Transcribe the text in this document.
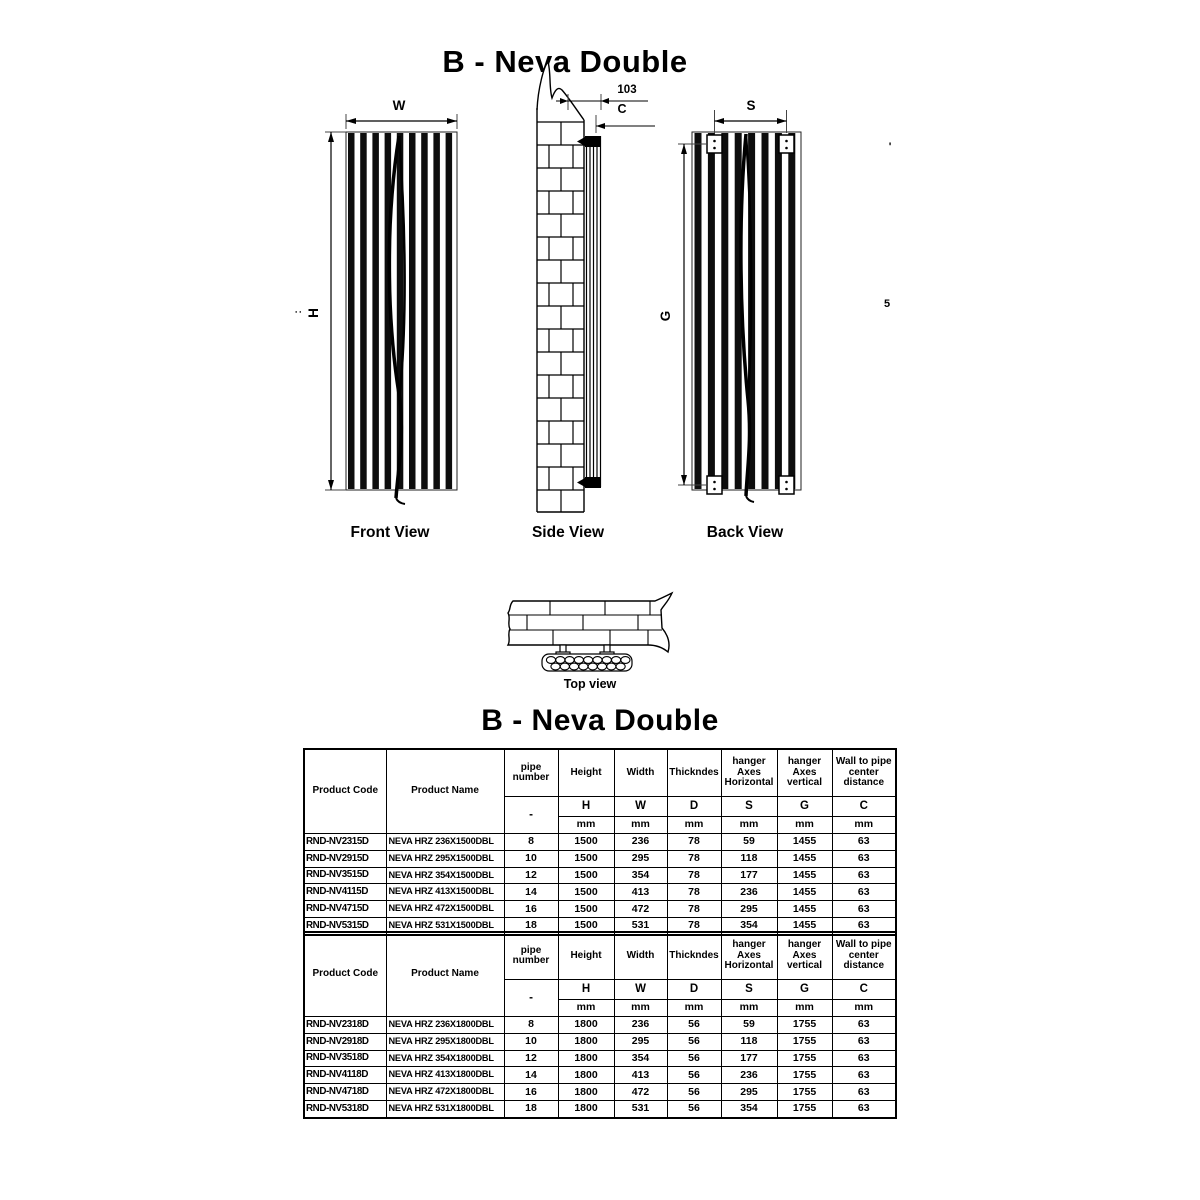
B - Neva Double
W
H
:
103
C	S
G
'
5
Front View	Side View	Back View
Top view
B - Neva Double
Product Code	Product Name	pipe number	Height	Width	Thickndes	hanger Axes Horizontal	hanger Axes vertical	Wall to pipe center distance
		-	H	W	D	S	G	C
			mm	mm	mm	mm	mm	mm
RND-NV2315D	NEVA HRZ 236X1500DBL	8	1500	236	78	59	1455	63
RND-NV2915D	NEVA HRZ 295X1500DBL	10	1500	295	78	118	1455	63
RND-NV3515D	NEVA HRZ 354X1500DBL	12	1500	354	78	177	1455	63
RND-NV4115D	NEVA HRZ 413X1500DBL	14	1500	413	78	236	1455	63
RND-NV4715D	NEVA HRZ 472X1500DBL	16	1500	472	78	295	1455	63
RND-NV5315D	NEVA HRZ 531X1500DBL	18	1500	531	78	354	1455	63
Product Code	Product Name	pipe number	Height	Width	Thickndes	hanger Axes Horizontal	hanger Axes vertical	Wall to pipe center distance
		-	H	W	D	S	G	C
			mm	mm	mm	mm	mm	mm
RND-NV2318D	NEVA HRZ 236X1800DBL	8	1800	236	56	59	1755	63
RND-NV2918D	NEVA HRZ 295X1800DBL	10	1800	295	56	118	1755	63
RND-NV3518D	NEVA HRZ 354X1800DBL	12	1800	354	56	177	1755	63
RND-NV4118D	NEVA HRZ 413X1800DBL	14	1800	413	56	236	1755	63
RND-NV4718D	NEVA HRZ 472X1800DBL	16	1800	472	56	295	1755	63
RND-NV5318D	NEVA HRZ 531X1800DBL	18	1800	531	56	354	1755	63
